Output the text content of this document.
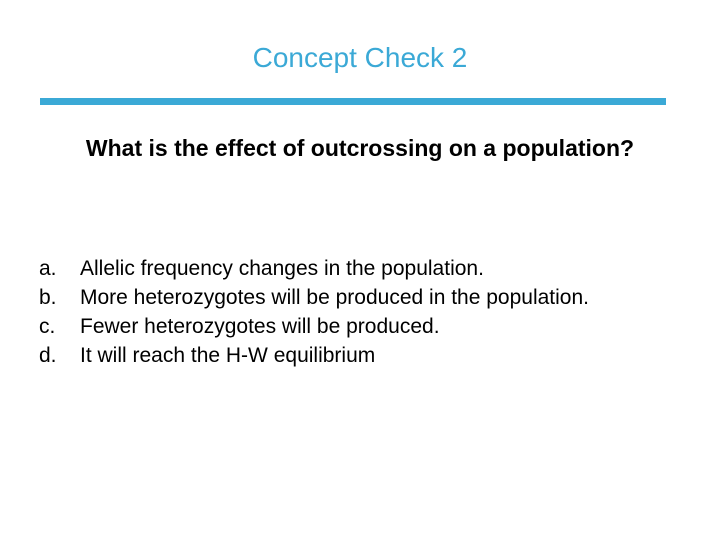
Concept Check 2
What is the effect of outcrossing on a population?
a.	Allelic frequency changes in the population.
b.	More heterozygotes will be produced in the population.
c.	Fewer heterozygotes will be produced.
d.	It will reach the H-W equilibrium
